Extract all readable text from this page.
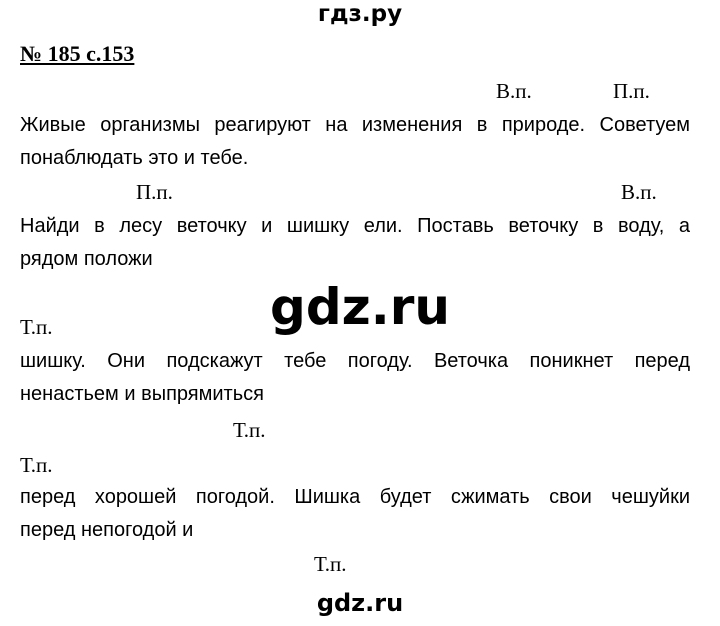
гдз.ру
№ 185 с.153
В.п.	П.п.
Живые организмы реагируют на изменения в природе. Советуем
понаблюдать это и тебе.
П.п.	В.п.
Найди в лесу веточку и шишку ели. Поставь веточку в воду, а
рядом положи
gdz.ru
Т.п.
шишку. Они подскажут тебе погоду. Веточка поникнет перед
ненастьем и выпрямиться
Т.п.
Т.п.
перед хорошей погодой. Шишка будет сжимать свои чешуйки
перед непогодой и
Т.п.
gdz.ru
